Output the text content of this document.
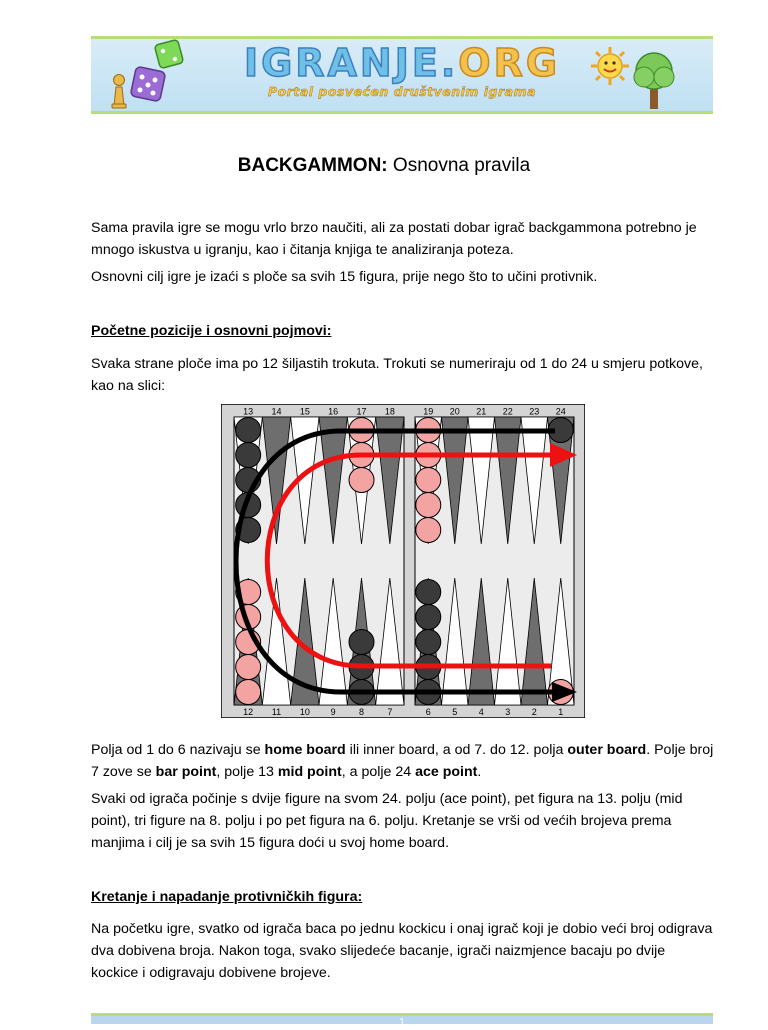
IGRANJE.ORG
Portal posvećen društvenim igrama
BACKGAMMON: Osnovna pravila

Sama pravila igre se mogu vrlo brzo naučiti, ali za postati dobar igrač backgammona potrebno je mnogo iskustva u igranju, kao i čitanja knjiga te analiziranja poteza.

Osnovni cilj igre je izaći s ploče sa svih 15 figura, prije nego što to učini protivnik.

Početne pozicije i osnovni pojmovi:

Svaka strane ploče ima po 12 šiljastih trokuta. Trokuti se numeriraju od 1 do 24 u smjeru potkove, kao na slici:

13 14 15 16 17 18	19 20 21 22 23 24
12 11 10 9	8	7	6 5 4 3 2 1

Polja od 1 do 6 nazivaju se home board ili inner board, a od 7. do 12. polja outer board. Polje broj 7 zove se bar point, polje 13 mid point, a polje 24 ace point.

Svaki od igrača počinje s dvije figure na svom 24. polju (ace point), pet figura na 13. polju (mid point), tri figure na 8. polju i po pet figura na 6. polju. Kretanje se vrši od većih brojeva prema manjima i cilj je sa svih 15 figura doći u svoj home board.

Kretanje i napadanje protivničkih figura:

Na početku igre, svatko od igrača baca po jednu kockicu i onaj igrač koji je dobio veći broj odigrava dva dobivena broja. Nakon toga, svako slijedeće bacanje, igrači naizmjence bacaju po dvije kockice i odigravaju dobivene brojeve.

1
